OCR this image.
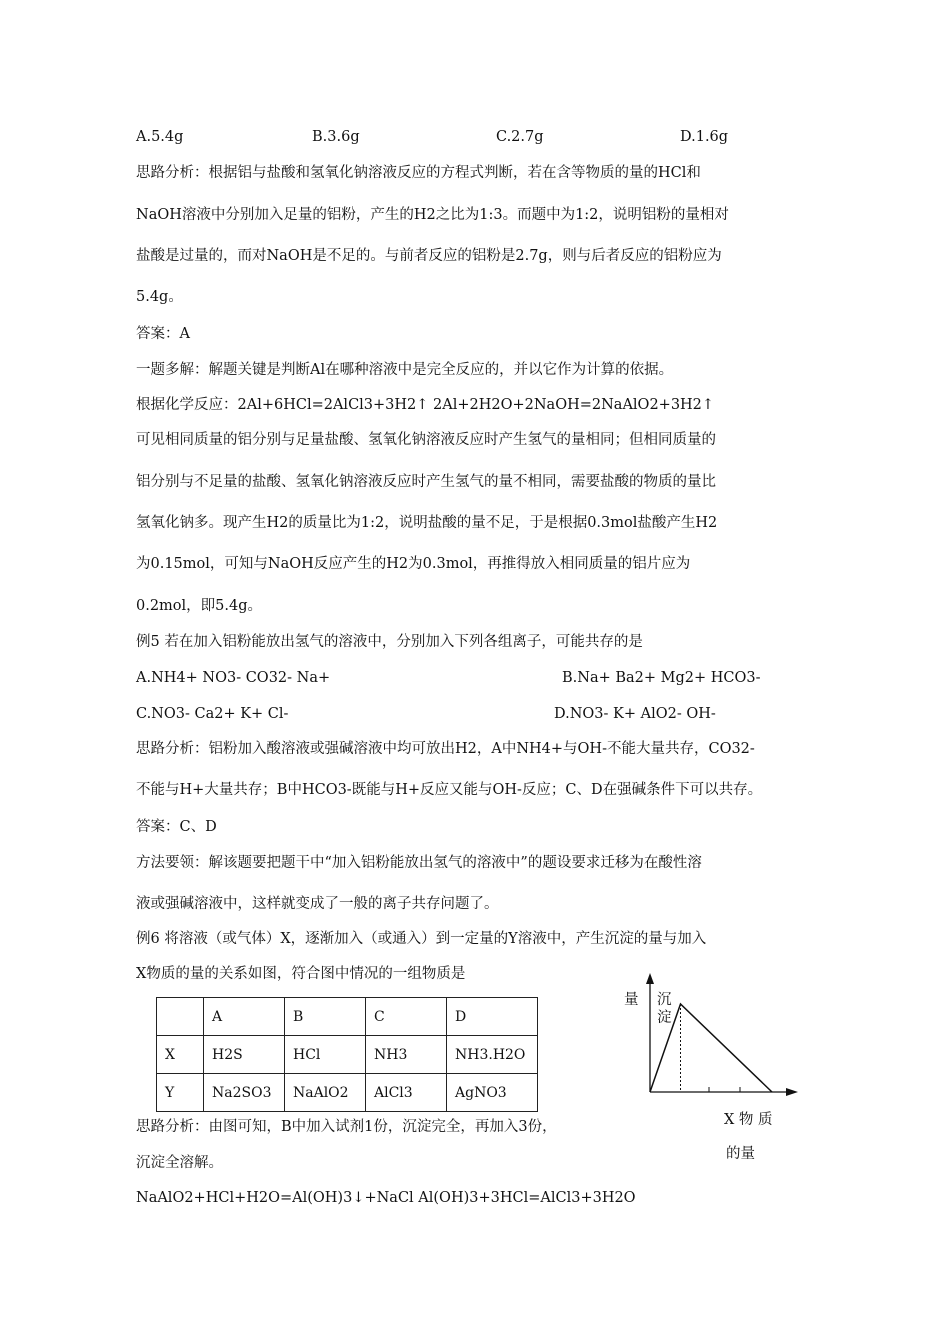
A.5.4g	B.3.6g	C.2.7g	D.1.6g
思路分析：根据铝与盐酸和氢氧化钠溶液反应的方程式判断，若在含等物质的量的HCl和
NaOH溶液中分别加入足量的铝粉，产生的H2之比为1:3。而题中为1:2，说明铝粉的量相对
盐酸是过量的，而对NaOH是不足的。与前者反应的铝粉是2.7g，则与后者反应的铝粉应为
5.4g。
答案：A
一题多解：解题关键是判断Al在哪种溶液中是完全反应的，并以它作为计算的依据。
根据化学反应：2Al+6HCl=2AlCl3+3H2↑ 2Al+2H2O+2NaOH=2NaAlO2+3H2↑
可见相同质量的铝分别与足量盐酸、氢氧化钠溶液反应时产生氢气的量相同；但相同质量的
铝分别与不足量的盐酸、氢氧化钠溶液反应时产生氢气的量不相同，需要盐酸的物质的量比
氢氧化钠多。现产生H2的质量比为1:2，说明盐酸的量不足，于是根据0.3mol盐酸产生H2
为0.15mol，可知与NaOH反应产生的H2为0.3mol，再推得放入相同质量的铝片应为
0.2mol，即5.4g。
例5 若在加入铝粉能放出氢气的溶液中，分别加入下列各组离子，可能共存的是
A.NH4+ NO3- CO32- Na+	B.Na+ Ba2+ Mg2+ HCO3-
C.NO3- Ca2+ K+ Cl-	D.NO3- K+ AlO2- OH-
思路分析：铝粉加入酸溶液或强碱溶液中均可放出H2，A中NH4+与OH-不能大量共存，CO32-
不能与H+大量共存；B中HCO3-既能与H+反应又能与OH-反应；C、D在强碱条件下可以共存。
答案：C、D
方法要领：解该题要把题干中“加入铝粉能放出氢气的溶液中”的题设要求迁移为在酸性溶
液或强碱溶液中，这样就变成了一般的离子共存问题了。
例6 将溶液（或气体）X，逐渐加入（或通入）到一定量的Y溶液中，产生沉淀的量与加入
X物质的量的关系如图，符合图中情况的一组物质是
	A	B	C	D
X	H2S	HCl	NH3	NH3.H2O
Y	Na2SO3	NaAlO2	AlCl3	AgNO3
量 沉
淀
X 物 质
的量
思路分析：由图可知，B中加入试剂1份，沉淀完全，再加入3份，
沉淀全溶解。
NaAlO2+HCl+H2O=Al(OH)3↓+NaCl Al(OH)3+3HCl=AlCl3+3H2O
